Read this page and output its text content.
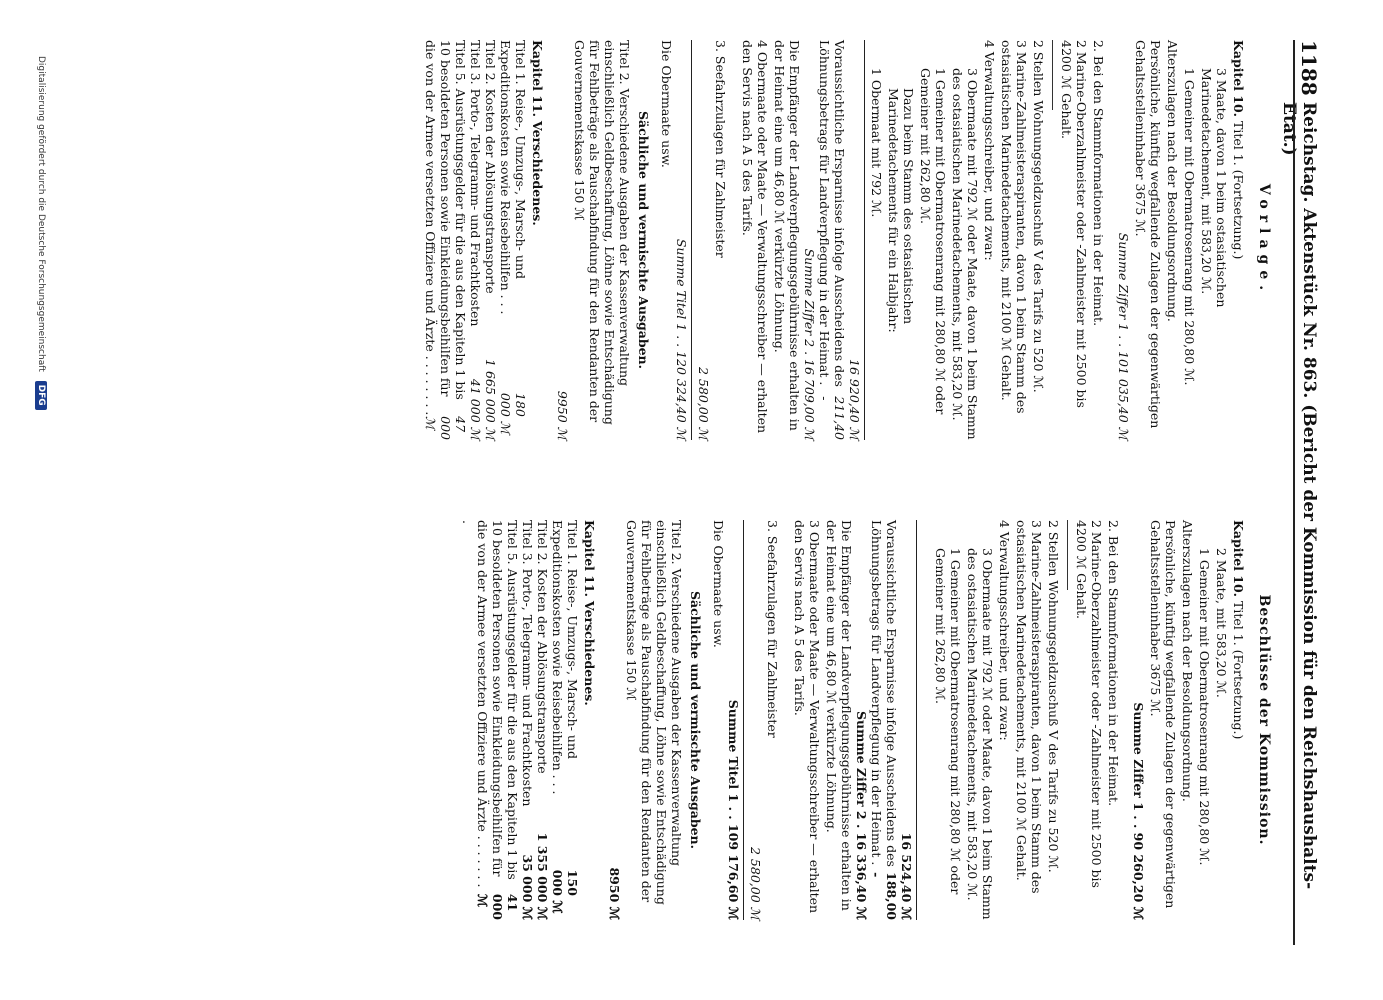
1188
Reichstag. Aktenstück Nr. 863. (Bericht der Kommission für den Reichshaushalts-Etat.)
Vorlage.
Kapitel 10. Titel 1. (Fortsetzung.)
3 Maate, davon 1 beim ostasiatischen Marinedetachement, mit 583,20 ℳ.
1 Gemeiner mit Obermatrosenrang mit 280,80 ℳ.
Alterszulagen nach der Besoldungsordnung.
Persönliche, künftig wegfallende Zulagen der gegenwärtigen Gehaltsstelleninhaber 3675 ℳ.
Summe Ziffer 1 . . 101 035,40 ℳ
2. Bei den Stammformationen in der Heimat.
2 Marine-Oberzahlmeister oder -Zahlmeister mit 2500 bis 4200 ℳ Gehalt.
2 Stellen Wohnungsgeldzuschuß V des Tarifs zu 520 ℳ.
3 Marine-Zahlmeisteraspiranten, davon 1 beim Stamm des ostasiatischen Marinedetachements, mit 2100 ℳ Gehalt.
4 Verwaltungsschreiber, und zwar:
3 Obermaate mit 792 ℳ oder Maate, davon 1 beim Stamm des ostasiatischen Marinedetachements, mit 583,20 ℳ.
1 Gemeiner mit Obermatrosenrang mit 280,80 ℳ oder Gemeiner mit 262,80 ℳ.
Dazu beim Stamm des ostasiatischen Marinedetachements für ein Halbjahr:
1 Obermaat mit 792 ℳ.
16 920,40 ℳ
Voraussichtliche Ersparnisse infolge Ausscheidens des Löhnungsbetrags für Landverpflegung in der Heimat .
211,40 -
Summe Ziffer 2 . 16 709,00 ℳ
Die Empfänger der Landverpflegungsgebührnisse erhalten in der Heimat eine um 46,80 ℳ verkürzte Löhnung.
4 Obermaate oder Maate — Verwaltungsschreiber — erhalten den Servis nach A 5 des Tarifs.
3. Seefahrzulagen für Zahlmeister
2 580,00 ℳ
Summe Titel 1 . . 120 324,40 ℳ
Die Obermaate usw.
Sächliche und vermischte Ausgaben.
Titel 2. Verschiedene Ausgaben der Kassenverwaltung einschließlich Geldbeschaffung, Löhne sowie Entschädigung für Fehlbeträge als Pauschabfindung für den Rendanten der Gouvernementskasse 150 ℳ
9950 ℳ
Kapitel 11. Verschiedenes.
Titel 1. Reise-, Umzugs-, Marsch- und Expeditionskosten sowie Reisebeihilfen . . .
180 000 ℳ
Titel 2. Kosten der Ablösungstransporte
1 665 000 ℳ
Titel 3. Porto-, Telegramm- und Frachtkosten
41 000 ℳ
Titel 5. Ausrüstungsgelder für die aus den Kapiteln 1 bis 10 besoldeten Personen sowie Einkleidungsbeihilfen für die von der Armee versetzten Offiziere und Ärzte . . . . . . . .
47 000 ℳ
Beschlüsse der Kommission.
Kapitel 10. Titel 1. (Fortsetzung.)
2 Maate, mit 583,20 ℳ.
1 Gemeiner mit Obermatrosenrang mit 280,80 ℳ.
Alterszulagen nach der Besoldungsordnung.
Persönliche, künftig wegfallende Zulagen der gegenwärtigen Gehaltsstelleninhaber 3675 ℳ.
Summe Ziffer 1 . . 90 260,20 ℳ
2. Bei den Stammformationen in der Heimat.
2 Marine-Oberzahlmeister oder -Zahlmeister mit 2500 bis 4200 ℳ Gehalt.
2 Stellen Wohnungsgeldzuschuß V des Tarifs zu 520 ℳ.
3 Marine-Zahlmeisteraspiranten, davon 1 beim Stamm des ostasiatischen Marinedetachements, mit 2100 ℳ Gehalt.
4 Verwaltungsschreiber, und zwar:
3 Obermaate mit 792 ℳ oder Maate, davon 1 beim Stamm des ostasiatischen Marinedetachements, mit 583,20 ℳ.
1 Gemeiner mit Obermatrosenrang mit 280,80 ℳ oder Gemeiner mit 262,80 ℳ.
16 524,40 ℳ
Voraussichtliche Ersparnisse infolge Ausscheidens des Löhnungsbetrags für Landverpflegung in der Heimat .
188,00 -
Summe Ziffer 2 . 16 336,40 ℳ
Die Empfänger der Landverpflegungsgebührnisse erhalten in der Heimat eine um 46,80 ℳ verkürzte Löhnung.
3 Obermaate oder Maate — Verwaltungsschreiber — erhalten den Servis nach A 5 des Tarifs.
3. Seefahrzulagen für Zahlmeister
2 580,00 ℳ
Summe Titel 1 . . 109 176,60 ℳ
Die Obermaate usw.
Sächliche und vermischte Ausgaben.
Titel 2. Verschiedene Ausgaben der Kassenverwaltung einschließlich Geldbeschaffung, Löhne sowie Entschädigung für Fehlbeträge als Pauschabfindung für den Rendanten der Gouvernementskasse 150 ℳ
8950 ℳ
Kapitel 11. Verschiedenes.
Titel 1. Reise-, Umzugs-, Marsch- und Expeditionskosten sowie Reisebeihilfen . . .
150 000 ℳ
Titel 2. Kosten der Ablösungstransporte
1 355 000 ℳ
Titel 3. Porto-, Telegramm- und Frachtkosten
35 000 ℳ
Titel 5. Ausrüstungsgelder für die aus den Kapiteln 1 bis 10 besoldeten Personen sowie Einkleidungsbeihilfen für die von der Armee versetzten Offiziere und Ärzte . . . . . . . .
41 000 ℳ
Digitalisierung gefördert durch die Deutsche Forschungsgemeinschaft DFG
